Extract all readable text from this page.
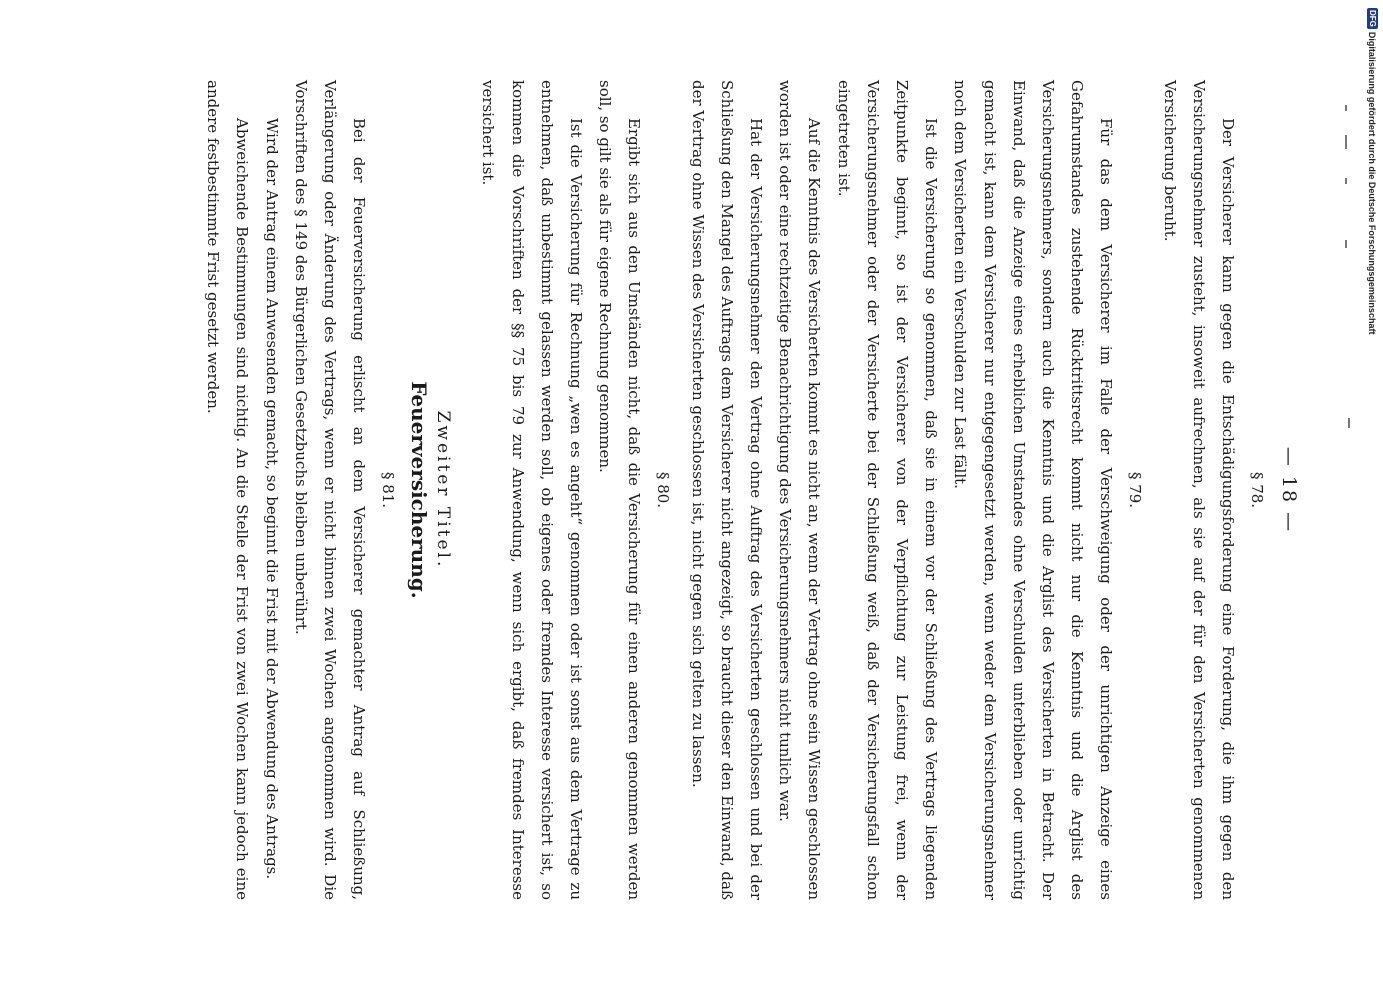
— 18 —
§ 78.

Der Versicherer kann gegen die Entschädigungsforderung eine Forderung, die ihm gegen den Versicherungsnehmer zusteht, insoweit aufrechnen, als sie auf der für den Versicherten genommenen Versicherung beruht.

§ 79.

Für das dem Versicherer im Falle der Verschweigung oder der unrichtigen Anzeige eines Gefahrumstandes zustehende Rücktrittsrecht kommt nicht nur die Kenntnis und die Arglist des Versicherungsnehmers, sondern auch die Kenntnis und die Arglist des Versicherten in Betracht. Der Einwand, daß die Anzeige eines erheblichen Umstandes ohne Verschulden unterblieben oder unrichtig gemacht ist, kann dem Versicherer nur entgegengesetzt werden, wenn weder dem Versicherungsnehmer noch dem Versicherten ein Verschulden zur Last fällt.

Ist die Versicherung so genommen, daß sie in einem vor der Schließung des Vertrags liegenden Zeitpunkte beginnt, so ist der Versicherer von der Verpflichtung zur Leistung frei, wenn der Versicherungsnehmer oder der Versicherte bei der Schließung weiß, daß der Versicherungsfall schon eingetreten ist.

Auf die Kenntnis des Versicherten kommt es nicht an, wenn der Vertrag ohne sein Wissen geschlossen worden ist oder eine rechtzeitige Benachrichtigung des Versicherungsnehmers nicht tunlich war.

Hat der Versicherungsnehmer den Vertrag ohne Auftrag des Versicherten geschlossen und bei der Schließung den Mangel des Auftrags dem Versicherer nicht angezeigt, so braucht dieser den Einwand, daß der Vertrag ohne Wissen des Versicherten geschlossen ist, nicht gegen sich gelten zu lassen.

§ 80.

Ergibt sich aus den Umständen nicht, daß die Versicherung für einen anderen genommen werden soll, so gilt sie als für eigene Rechnung genommen.

Ist die Versicherung für Rechnung „wen es angeht“ genommen oder ist sonst aus dem Vertrage zu entnehmen, daß unbestimmt gelassen werden soll, ob eigenes oder fremdes Interesse versichert ist, so kommen die Vorschriften der §§ 75 bis 79 zur Anwendung, wenn sich ergibt, daß fremdes Interesse versichert ist.

Zweiter Titel.
Feuerversicherung.
§ 81.

Bei der Feuerversicherung erlischt an dem Versicherer gemachter Antrag auf Schließung, Verlängerung oder Änderung des Vertrags, wenn er nicht binnen zwei Wochen angenommen wird. Die Vorschriften des § 149 des Bürgerlichen Gesetzbuchs bleiben unberührt.

Wird der Antrag einem Anwesenden gemacht, so beginnt die Frist mit der Abwendung des Antrags.

Abweichende Bestimmungen sind nichtig. An die Stelle der Frist von zwei Wochen kann jedoch eine andere festbestimmte Frist gesetzt werden.

DFG
Digitalisierung gefördert durch die Deutsche Forschungsgemeinschaft
